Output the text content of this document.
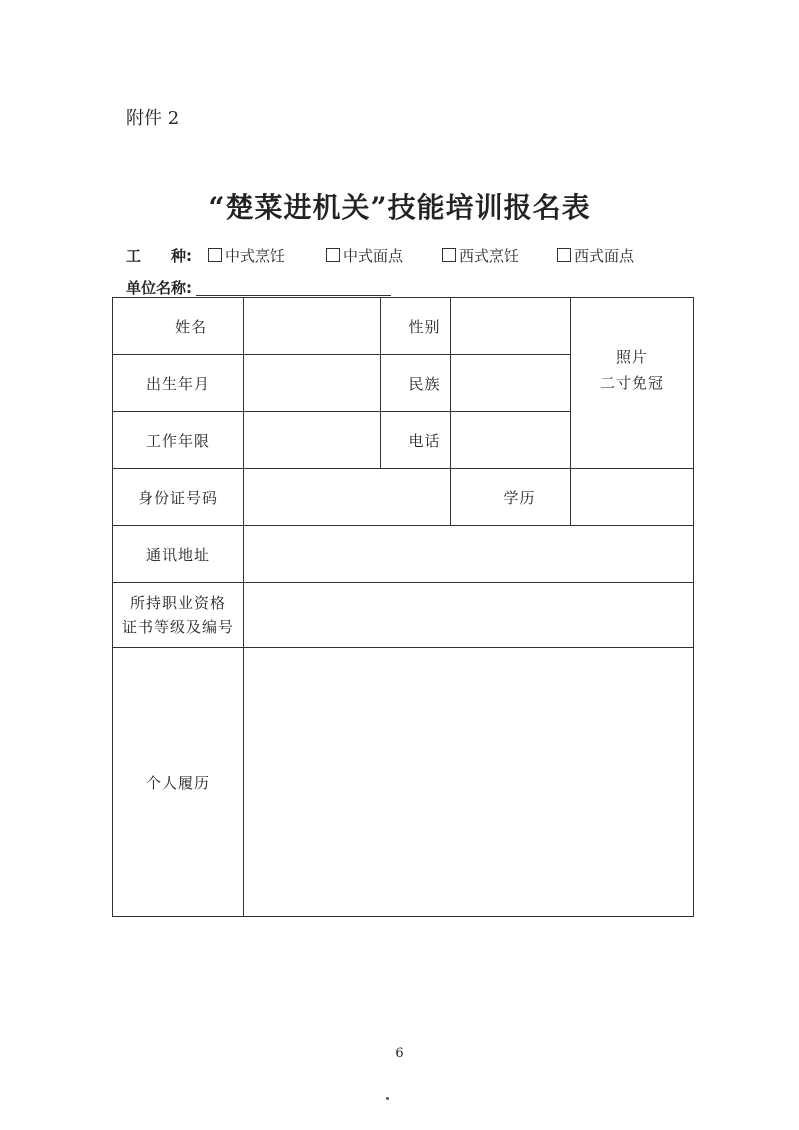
附件 2
“楚菜进机关”技能培训报名表
工　　种:	中式烹饪	中式面点	西式烹饪	西式面点
单位名称:
姓名		性别		照片
二寸免冠

出生年月		民族		
工作年限		电话		
身份证号码			学历	
通讯地址				

所持职业资格
证书等级及编号				

个人履历				
6
